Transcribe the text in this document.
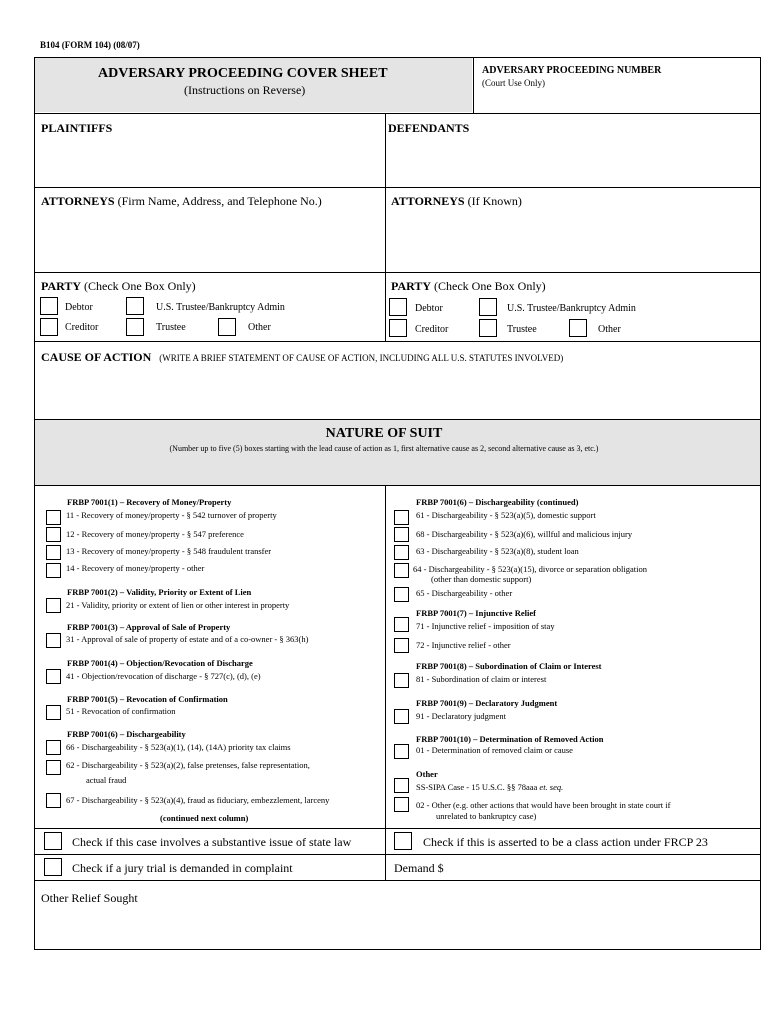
B104 (FORM 104) (08/07)
ADVERSARY PROCEEDING COVER SHEET
(Instructions on Reverse)
ADVERSARY PROCEEDING NUMBER
(Court Use Only)
PLAINTIFFS	DEFENDANTS
ATTORNEYS (Firm Name, Address, and Telephone No.)	ATTORNEYS (If Known)
PARTY (Check One Box Only)
Debtor	U.S. Trustee/Bankruptcy Admin
Creditor	Trustee	Other
PARTY (Check One Box Only)
Debtor	U.S. Trustee/Bankruptcy Admin
Creditor	Trustee	Other
CAUSE OF ACTION (WRITE A BRIEF STATEMENT OF CAUSE OF ACTION, INCLUDING ALL U.S. STATUTES INVOLVED)
NATURE OF SUIT
(Number up to five (5) boxes starting with the lead cause of action as 1, first alternative cause as 2, second alternative cause as 3, etc.)
FRBP 7001(1) – Recovery of Money/Property
11 - Recovery of money/property - § 542 turnover of property
12 - Recovery of money/property - § 547 preference
13 - Recovery of money/property - § 548 fraudulent transfer
14 - Recovery of money/property - other
FRBP 7001(2) – Validity, Priority or Extent of Lien
21 - Validity, priority or extent of lien or other interest in property
FRBP 7001(3) – Approval of Sale of Property
31 - Approval of sale of property of estate and of a co-owner - § 363(h)
FRBP 7001(4) – Objection/Revocation of Discharge
41 - Objection/revocation of discharge - § 727(c), (d), (e)
FRBP 7001(5) – Revocation of Confirmation
51 - Revocation of confirmation
FRBP 7001(6) – Dischargeability
66 - Dischargeability - § 523(a)(1), (14), (14A) priority tax claims
62 - Dischargeability - § 523(a)(2), false pretenses, false representation,
actual fraud
67 - Dischargeability - § 523(a)(4), fraud as fiduciary, embezzlement, larceny
(continued next column)
FRBP 7001(6) – Dischargeability (continued)
61 - Dischargeability - § 523(a)(5), domestic support
68 - Dischargeability - § 523(a)(6), willful and malicious injury
63 - Dischargeability - § 523(a)(8), student loan
64 - Dischargeability - § 523(a)(15), divorce or separation obligation
(other than domestic support)
65 - Dischargeability - other
FRBP 7001(7) – Injunctive Relief
71 - Injunctive relief - imposition of stay
72 - Injunctive relief - other
FRBP 7001(8) – Subordination of Claim or Interest
81 - Subordination of claim or interest
FRBP 7001(9) – Declaratory Judgment
91 - Declaratory judgment
FRBP 7001(10) – Determination of Removed Action
01 - Determination of removed claim or cause
Other
SS-SIPA Case - 15 U.S.C. §§ 78aaa et. seq.
02 - Other (e.g. other actions that would have been brought in state court if
unrelated to bankruptcy case)
Check if this case involves a substantive issue of state law	Check if this is asserted to be a class action under FRCP 23
Check if a jury trial is demanded in complaint	Demand $
Other Relief Sought
